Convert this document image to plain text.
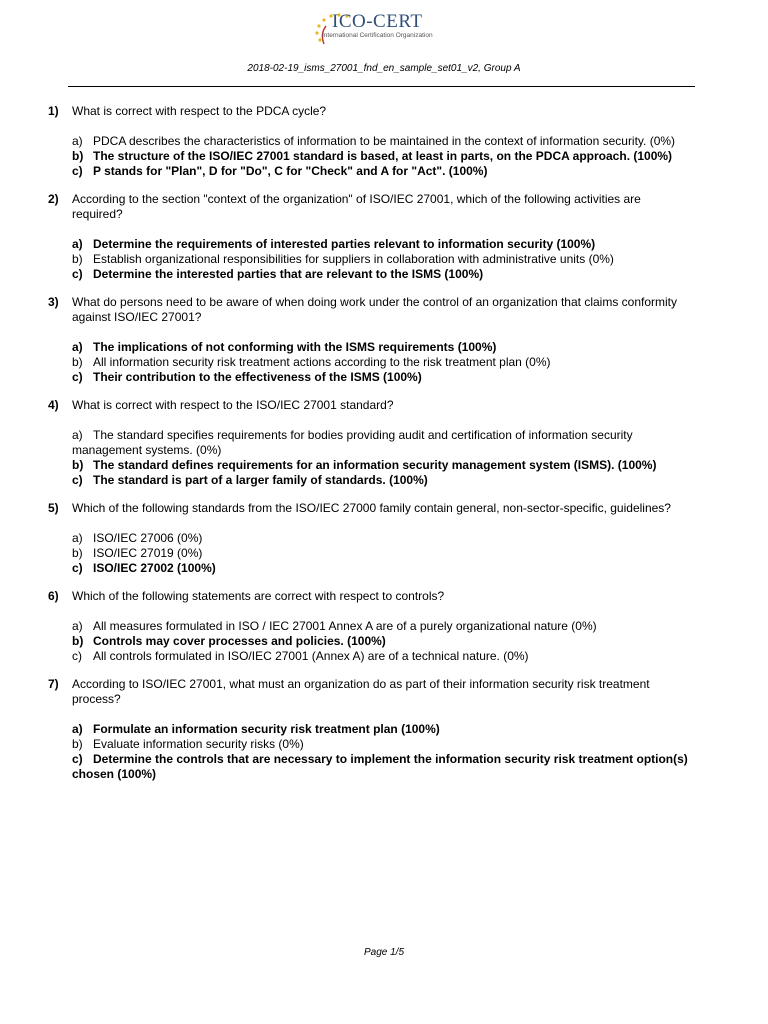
ICO-CERT
International Certification Organization
2018-02-19_isms_27001_fnd_en_sample_set01_v2, Group A
1) What is correct with respect to the PDCA cycle?
a) PDCA describes the characteristics of information to be maintained in the context of information security. (0%)
b) The structure of the ISO/IEC 27001 standard is based, at least in parts, on the PDCA approach. (100%)
c) P stands for "Plan", D for "Do", C for "Check" and A for "Act". (100%)
2) According to the section "context of the organization" of ISO/IEC 27001, which of the following activities are required?
a) Determine the requirements of interested parties relevant to information security (100%)
b) Establish organizational responsibilities for suppliers in collaboration with administrative units (0%)
c) Determine the interested parties that are relevant to the ISMS (100%)
3) What do persons need to be aware of when doing work under the control of an organization that claims conformity against ISO/IEC 27001?
a) The implications of not conforming with the ISMS requirements (100%)
b) All information security risk treatment actions according to the risk treatment plan (0%)
c) Their contribution to the effectiveness of the ISMS (100%)
4) What is correct with respect to the ISO/IEC 27001 standard?
a) The standard specifies requirements for bodies providing audit and certification of information security management systems. (0%)
b) The standard defines requirements for an information security management system (ISMS). (100%)
c) The standard is part of a larger family of standards. (100%)
5) Which of the following standards from the ISO/IEC 27000 family contain general, non-sector-specific, guidelines?
a) ISO/IEC 27006 (0%)
b) ISO/IEC 27019 (0%)
c) ISO/IEC 27002 (100%)
6) Which of the following statements are correct with respect to controls?
a) All measures formulated in ISO / IEC 27001 Annex A are of a purely organizational nature (0%)
b) Controls may cover processes and policies. (100%)
c) All controls formulated in ISO/IEC 27001 (Annex A) are of a technical nature. (0%)
7) According to ISO/IEC 27001, what must an organization do as part of their information security risk treatment process?
a) Formulate an information security risk treatment plan (100%)
b) Evaluate information security risks (0%)
c) Determine the controls that are necessary to implement the information security risk treatment option(s) chosen (100%)
Page 1/5
